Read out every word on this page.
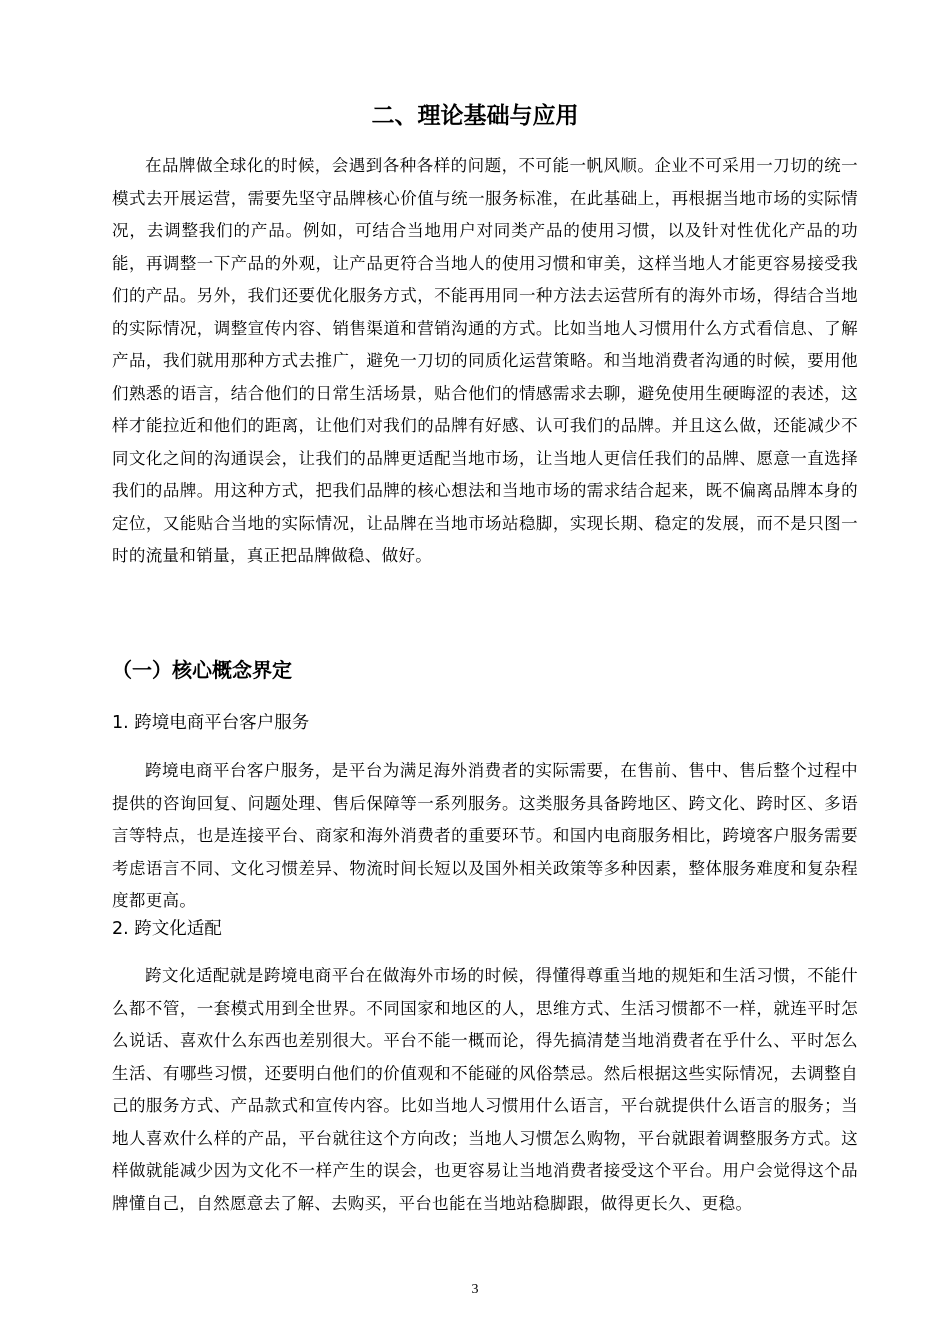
二、理论基础与应用

在品牌做全球化的时候，会遇到各种各样的问题，不可能一帆风顺。企业不可采用一刀切的统一模式去开展运营，需要先坚守品牌核心价值与统一服务标准，在此基础上，再根据当地市场的实际情况，去调整我们的产品。例如，可结合当地用户对同类产品的使用习惯，以及针对性优化产品的功能，再调整一下产品的外观，让产品更符合当地人的使用习惯和审美，这样当地人才能更容易接受我们的产品。另外，我们还要优化服务方式，不能再用同一种方法去运营所有的海外市场，得结合当地的实际情况，调整宣传内容、销售渠道和营销沟通的方式。比如当地人习惯用什么方式看信息、了解产品，我们就用那种方式去推广，避免一刀切的同质化运营策略。和当地消费者沟通的时候，要用他们熟悉的语言，结合他们的日常生活场景，贴合他们的情感需求去聊，避免使用生硬晦涩的表述，这样才能拉近和他们的距离，让他们对我们的品牌有好感、认可我们的品牌。并且这么做，还能减少不同文化之间的沟通误会，让我们的品牌更适配当地市场，让当地人更信任我们的品牌、愿意一直选择我们的品牌。用这种方式，把我们品牌的核心想法和当地市场的需求结合起来，既不偏离品牌本身的定位，又能贴合当地的实际情况，让品牌在当地市场站稳脚，实现长期、稳定的发展，而不是只图一时的流量和销量，真正把品牌做稳、做好。

（一）核心概念界定
1. 跨境电商平台客户服务

跨境电商平台客户服务，是平台为满足海外消费者的实际需要，在售前、售中、售后整个过程中提供的咨询回复、问题处理、售后保障等一系列服务。这类服务具备跨地区、跨文化、跨时区、多语言等特点，也是连接平台、商家和海外消费者的重要环节。和国内电商服务相比，跨境客户服务需要考虑语言不同、文化习惯差异、物流时间长短以及国外相关政策等多种因素，整体服务难度和复杂程度都更高。

2. 跨文化适配

跨文化适配就是跨境电商平台在做海外市场的时候，得懂得尊重当地的规矩和生活习惯，不能什么都不管，一套模式用到全世界。不同国家和地区的人，思维方式、生活习惯都不一样，就连平时怎么说话、喜欢什么东西也差别很大。平台不能一概而论，得先搞清楚当地消费者在乎什么、平时怎么生活、有哪些习惯，还要明白他们的价值观和不能碰的风俗禁忌。然后根据这些实际情况，去调整自己的服务方式、产品款式和宣传内容。比如当地人习惯用什么语言，平台就提供什么语言的服务；当地人喜欢什么样的产品，平台就往这个方向改；当地人习惯怎么购物，平台就跟着调整服务方式。这样做就能减少因为文化不一样产生的误会，也更容易让当地消费者接受这个平台。用户会觉得这个品牌懂自己，自然愿意去了解、去购买，平台也能在当地站稳脚跟，做得更长久、更稳。

3
